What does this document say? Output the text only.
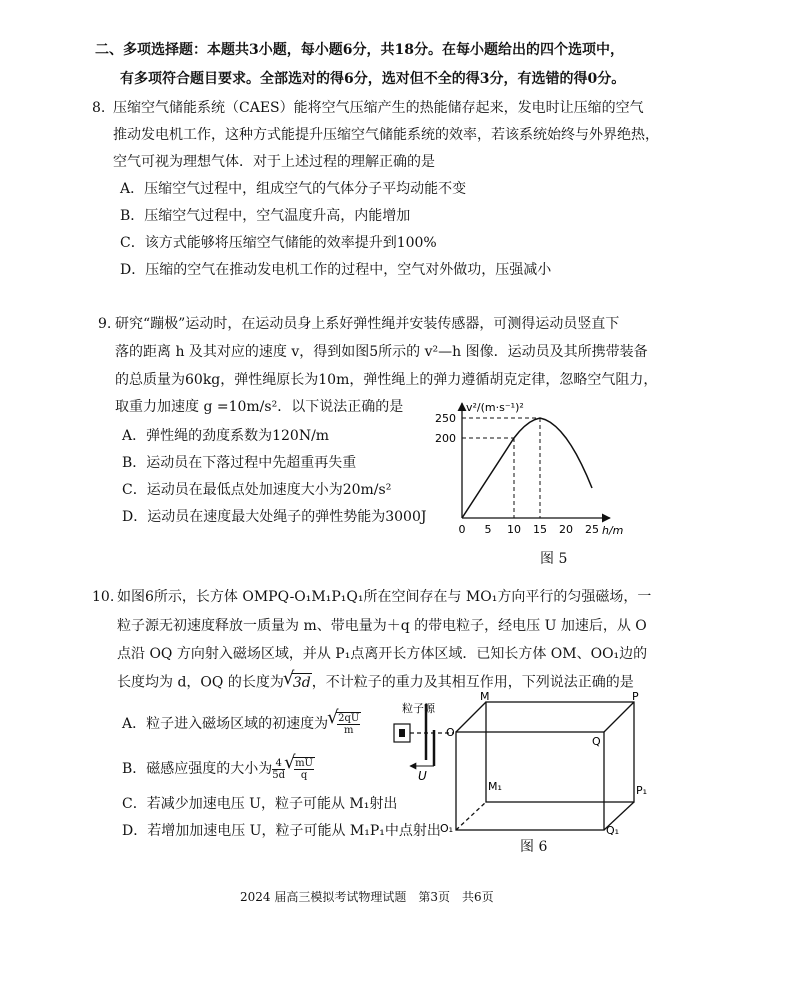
二、多项选择题：本题共3小题，每小题6分，共18分。在每小题给出的四个选项中，
有多项符合题目要求。全部选对的得6分，选对但不全的得3分，有选错的得0分。
8. 压缩空气储能系统（CAES）能将空气压缩产生的热能储存起来，发电时让压缩的空气
推动发电机工作，这种方式能提升压缩空气储能系统的效率，若该系统始终与外界绝热，
空气可视为理想气体．对于上述过程的理解正确的是
A．压缩空气过程中，组成空气的气体分子平均动能不变
B．压缩空气过程中，空气温度升高，内能增加
C．该方式能够将压缩空气储能的效率提升到100%
D．压缩的空气在推动发电机工作的过程中，空气对外做功，压强减小
9. 研究“蹦极”运动时，在运动员身上系好弹性绳并安装传感器，可测得运动员竖直下
落的距离 h 及其对应的速度 v，得到如图5所示的 v²—h 图像．运动员及其所携带装备
的总质量为60kg，弹性绳原长为10m，弹性绳上的弹力遵循胡克定律，忽略空气阻力，
取重力加速度 g =10m/s²．以下说法正确的是
A．弹性绳的劲度系数为120N/m
B．运动员在下落过程中先超重再失重
C．运动员在最低点处加速度大小为20m/s²
D．运动员在速度最大处绳子的弹性势能为3000J
v²/(m·s⁻¹)²
h/m
0 5 10 15 20 25
200
250
图 5
10. 如图6所示，长方体 OMPQ-O₁M₁P₁Q₁所在空间存在与 MO₁方向平行的匀强磁场，一
粒子源无初速度释放一质量为 m、带电量为＋q 的带电粒子，经电压 U 加速后，从 O
点沿 OQ 方向射入磁场区域，并从 P₁点离开长方体区域．已知长方体 OM、OO₁边的
长度均为 d，OQ 的长度为 √ 3d，不计粒子的重力及其相互作用，下列说法正确的是
A．粒子进入磁场区域的初速度为 √ $\frac{2qU}{m}$
B．磁感应强度的大小为 $\frac{4}{5d}$ √ $\frac{mU}{q}$
C．若减少加速电压 U，粒子可能从 M₁射出
D．若增加加速电压 U，粒子可能从 M₁P₁中点射出
粒子源
U
M	P
O
Q
M₁	P₁
O₁	Q₁
图 6
2024 届高三模拟考试物理试题　第3页　共6页
